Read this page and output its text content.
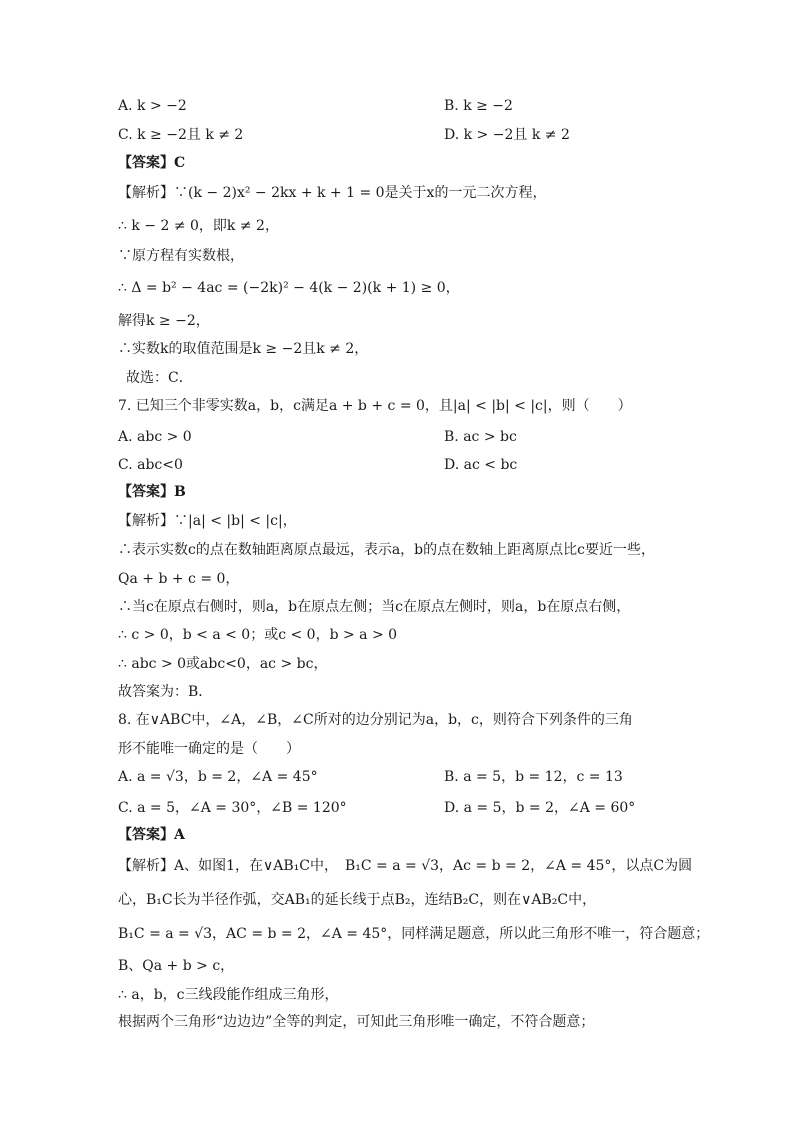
A. k > −2	B. k ≥ −2
C. k ≥ −2且 k ≠ 2	D. k > −2且 k ≠ 2
【答案】C
【解析】∵(k − 2)x² − 2kx + k + 1 = 0是关于x的一元二次方程，
∴ k − 2 ≠ 0，即k ≠ 2，
∵原方程有实数根，
∴ Δ = b² − 4ac = (−2k)² − 4(k − 2)(k + 1) ≥ 0，
解得k ≥ −2，
∴实数k的取值范围是k ≥ −2且k ≠ 2，
故选：C．
7. 已知三个非零实数a，b，c满足a + b + c = 0，且|a| < |b| < |c|，则（　　）
A. abc > 0	B. ac > bc
C. abc<0	D. ac < bc
【答案】B
【解析】∵|a| < |b| < |c|，
∴表示实数c的点在数轴距离原点最远，表示a，b的点在数轴上距离原点比c要近一些，
Qa + b + c = 0，
∴当c在原点右侧时，则a，b在原点左侧；当c在原点左侧时，则a，b在原点右侧，
∴ c > 0，b < a < 0；或c < 0，b > a > 0
∴ abc > 0或abc<0，ac > bc，
故答案为：B．
8. 在∨ABC中，∠A，∠B，∠C所对的边分别记为a，b，c，则符合下列条件的三角
形不能唯一确定的是（　　）
A. a = √3，b = 2，∠A = 45°	B. a = 5，b = 12，c = 13
C. a = 5，∠A = 30°，∠B = 120°	D. a = 5，b = 2，∠A = 60°
【答案】A
【解析】A、如图1，在∨AB₁C中，　B₁C = a = √3，Ac = b = 2，∠A = 45°，以点C为圆
心，B₁C长为半径作弧，交AB₁的延长线于点B₂，连结B₂C，则在∨AB₂C中，
B₁C = a = √3，AC = b = 2，∠A = 45°，同样满足题意，所以此三角形不唯一，符合题意；
B、Qa + b > c，
∴ a，b，c三线段能作组成三角形，
根据两个三角形“边边边”全等的判定，可知此三角形唯一确定，不符合题意；
